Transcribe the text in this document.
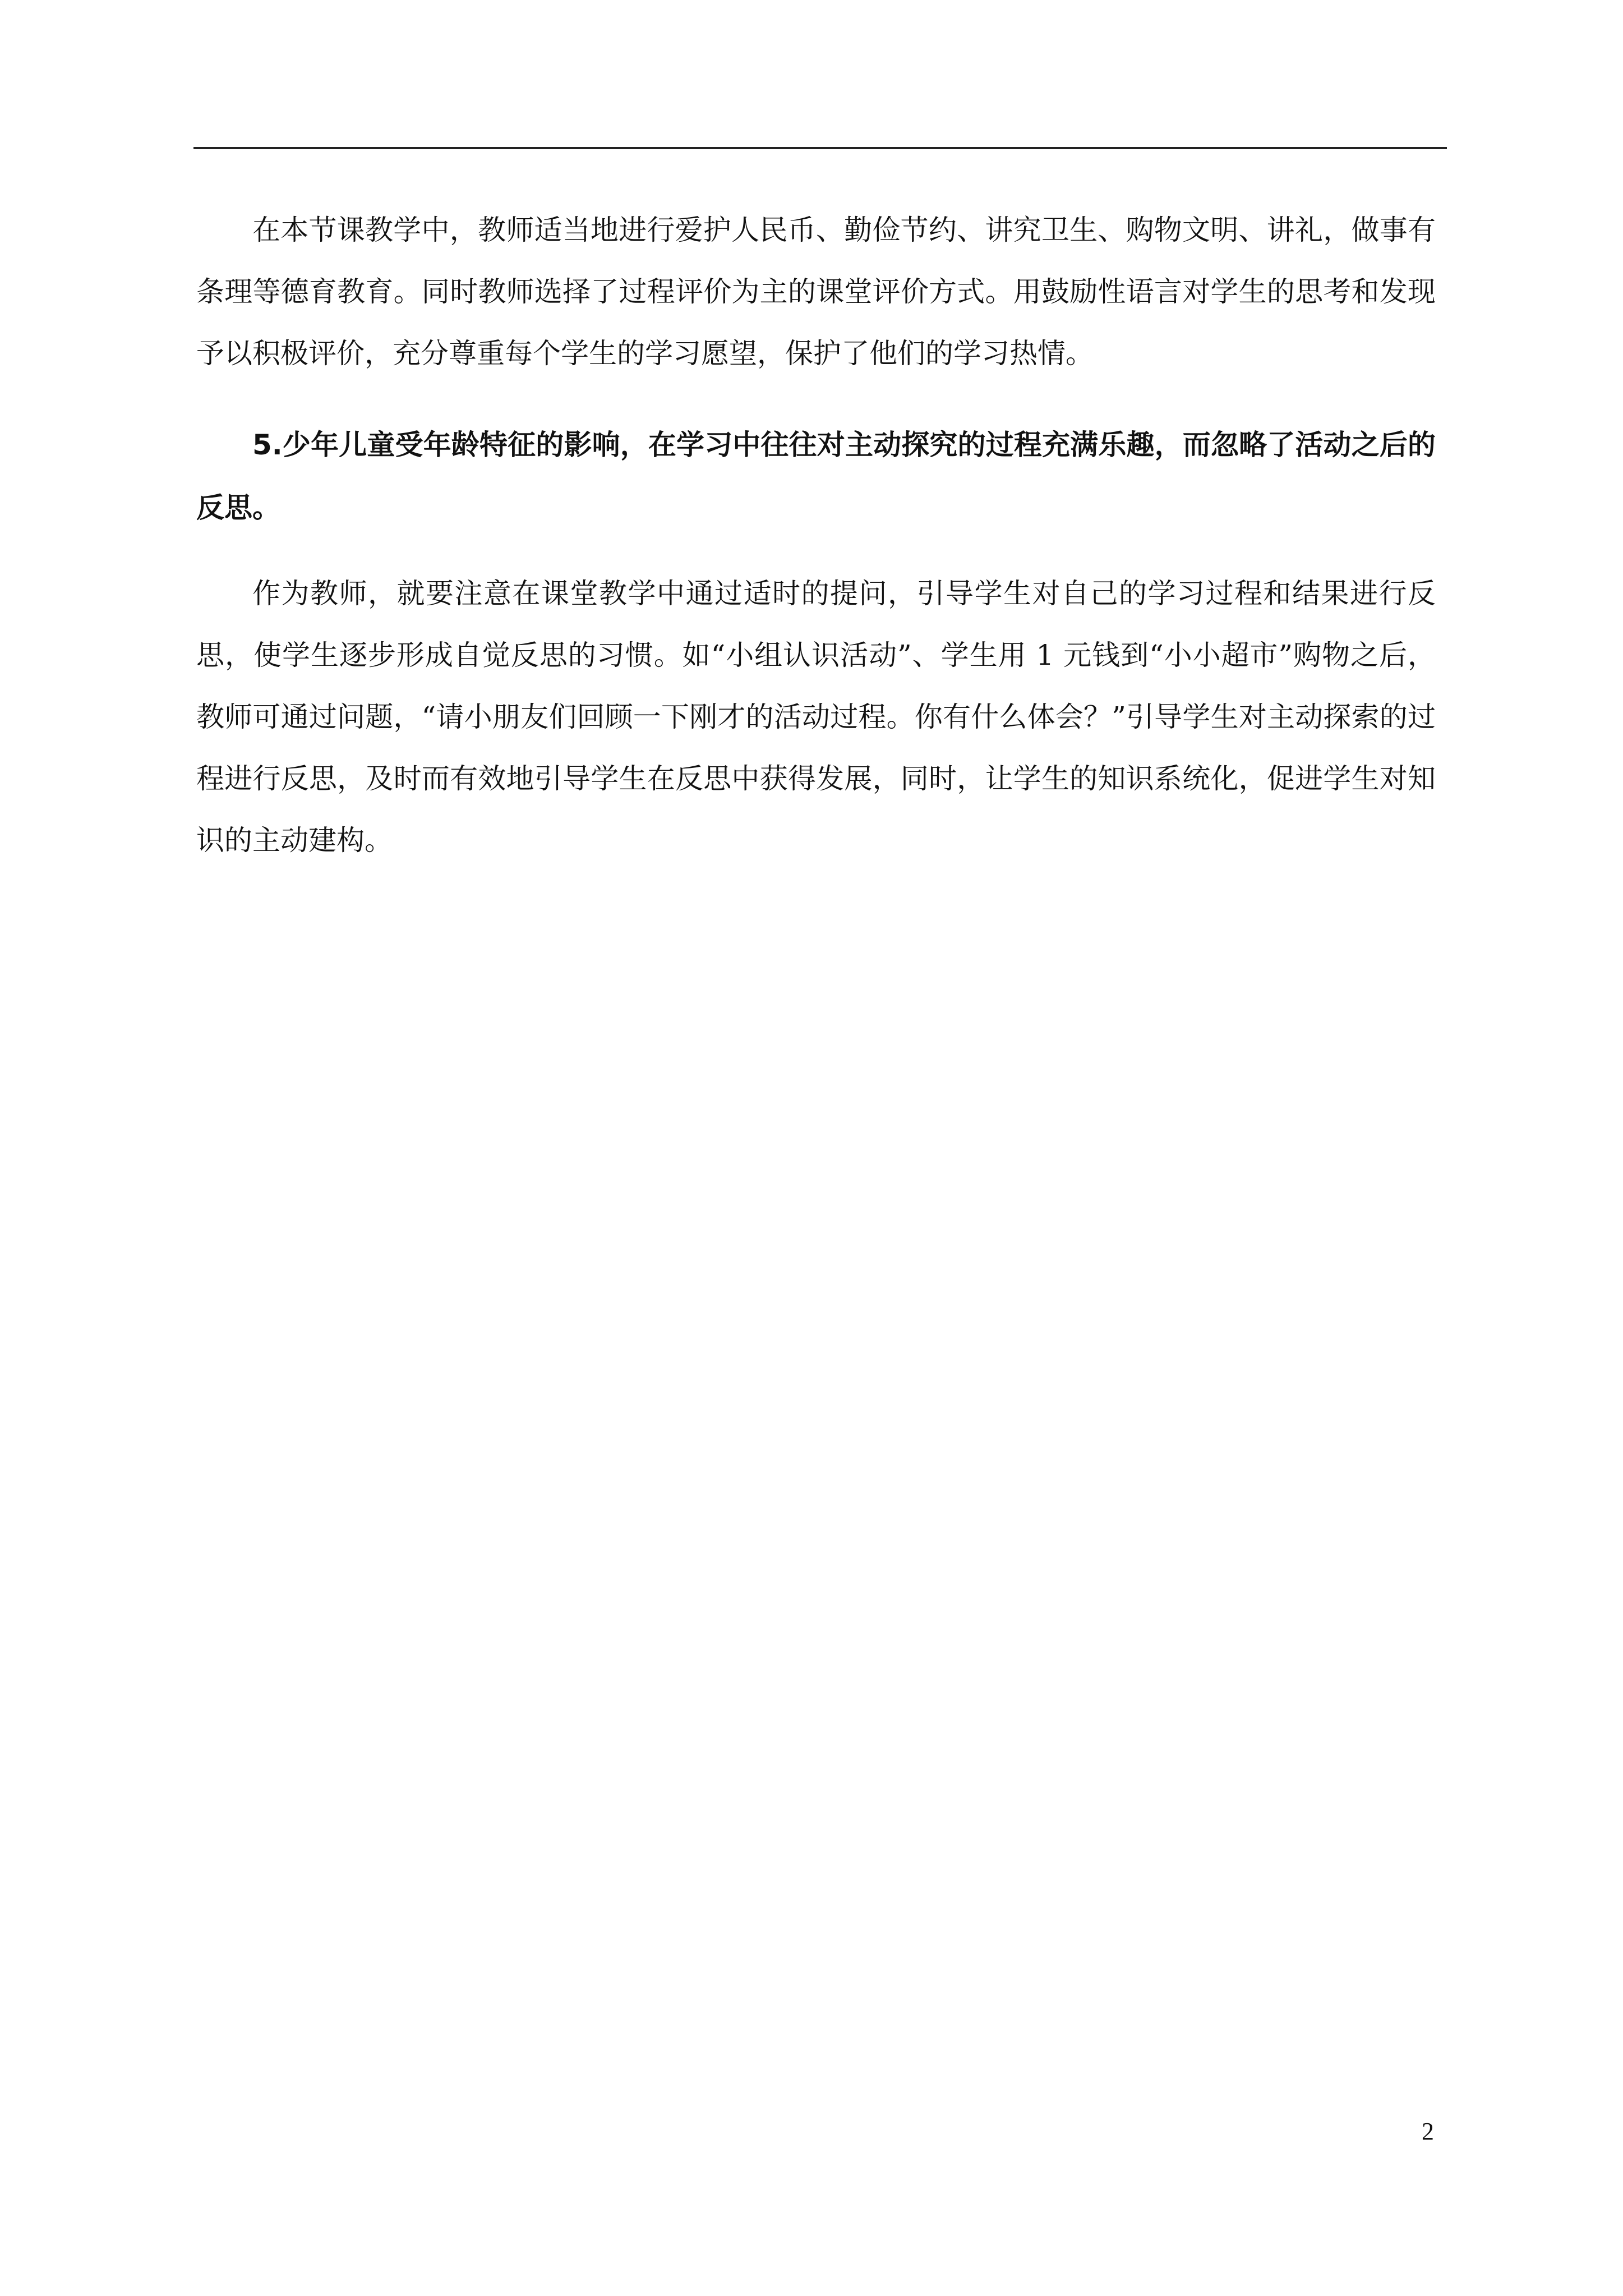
在本节课教学中，教师适当地进行爱护人民币、勤俭节约、讲究卫生、购物文明、讲礼，做事有条理等德育教育。同时教师选择了过程评价为主的课堂评价方式。用鼓励性语言对学生的思考和发现予以积极评价，充分尊重每个学生的学习愿望，保护了他们的学习热情。

5.少年儿童受年龄特征的影响，在学习中往往对主动探究的过程充满乐趣，而忽略了活动之后的反思。

作为教师，就要注意在课堂教学中通过适时的提问，引导学生对自己的学习过程和结果进行反思，使学生逐步形成自觉反思的习惯。如“小组认识活动”、学生用 1 元钱到“小小超市”购物之后，教师可通过问题，“请小朋友们回顾一下刚才的活动过程。你有什么体会？”引导学生对主动探索的过程进行反思，及时而有效地引导学生在反思中获得发展，同时，让学生的知识系统化，促进学生对知识的主动建构。

2
